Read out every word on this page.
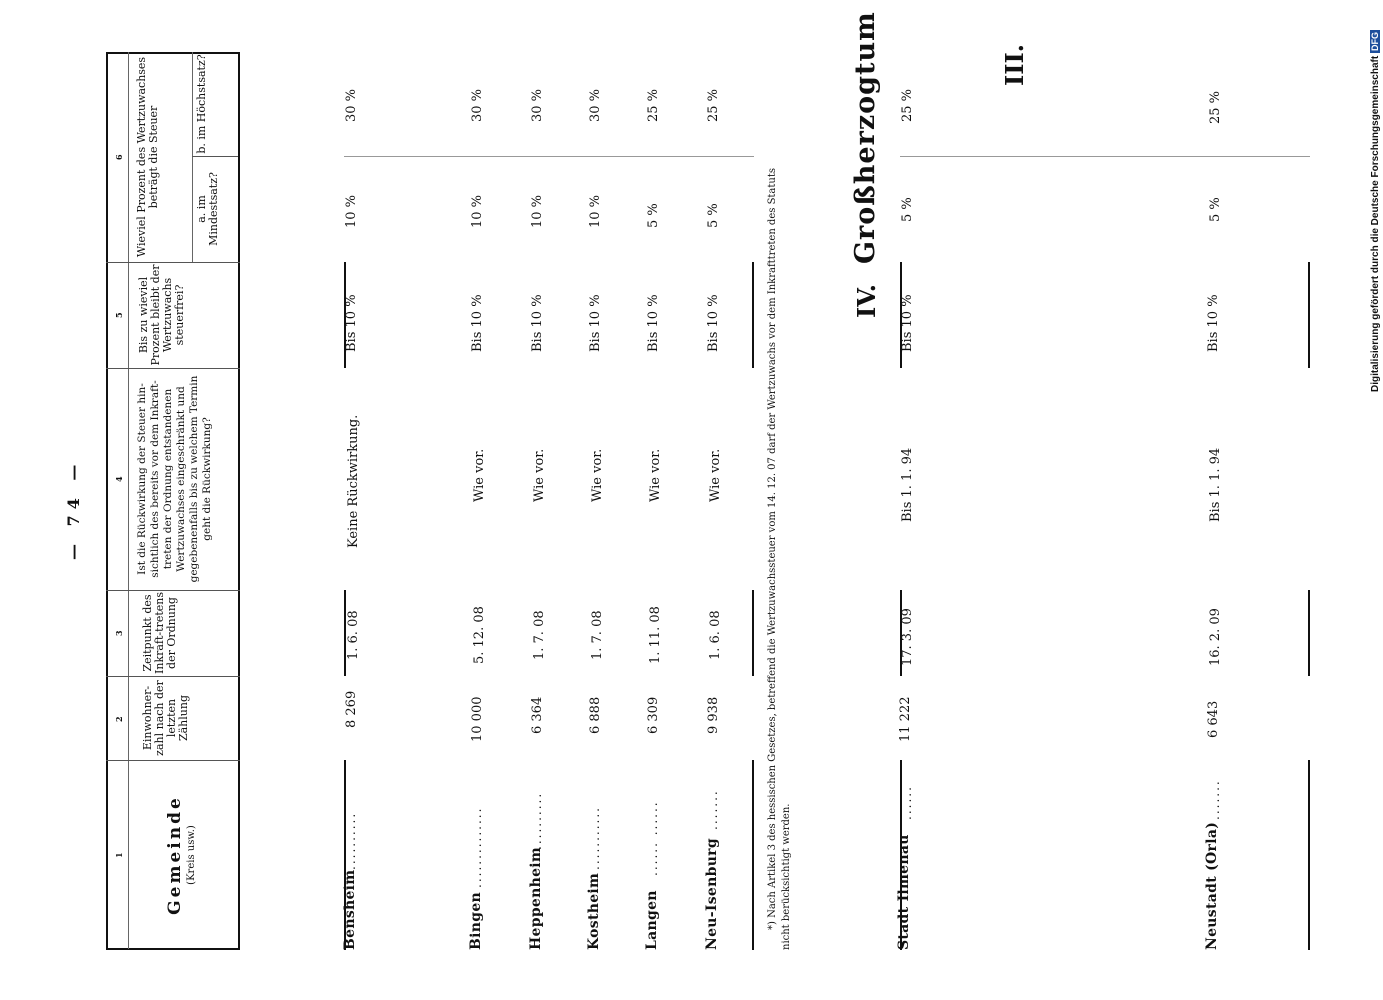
— 74 —
Digitalisierung gefördert durch die Deutsche Forschungsgemeinschaft DFG
1
2
3
4
5
6
Gemeinde (Kreis usw.)
Einwohner-zahl nach der letzten Zählung
Zeitpunkt des Inkraft-tretens der Ordnung
Ist die Rückwirkung der Steuer hin-sichtlich des bereits vor dem Inkraft-treten der Ordnung entstandenen Wertzuwachses eingeschränkt und gegebenenfalls bis zu welchem Termin geht die Rückwirkung?
Bis zu wieviel Prozent bleibt der Wertzuwachs steuerfrei?
Wieviel Prozent des Wertzuwachses beträgt die Steuer
a. im Mindestsatz?
b. im Höchstsatz?	III.
Bensheim
..........
8 269
1. 6. 08
Keine Rückwirkung.
Bis 10 %
10 %
30 %
Bingen
..............
10 000
5. 12. 08
Wie vor.
Bis 10 %
10 %
30 %
Heppenheim
..........
6 364
1. 7. 08
Wie vor.
Bis 10 %
10 %
30 %
Kostheim
...........
6 888
1. 7. 08
Wie vor.
Bis 10 %
10 %
30 %
Langen
...... ......
6 309
1. 11. 08
Wie vor.
Bis 10 %
5 %
25 %
Neu-Isenburg
.......
9 938
1. 6. 08
Wie vor.
Bis 10 %
5 %
25 %
*) Nach Artikel 3 des hessischen Gesetzes, betreffend die Wertzuwachssteuer vom 14. 12. 07 darf der Wertzuwachs vor dem Inkrafttreten des Statuts nicht berücksichtigt werden.
IV.
Großherzogtum
Stadt Ilmenau
......
11 222
17. 3. 09
Bis 1. 1. 94
Bis 10 %
5 %
25 %
Neustadt (Orla)
.......
6 643
16. 2. 09
Bis 1. 1. 94
Bis 10 %
5 %
25 %
